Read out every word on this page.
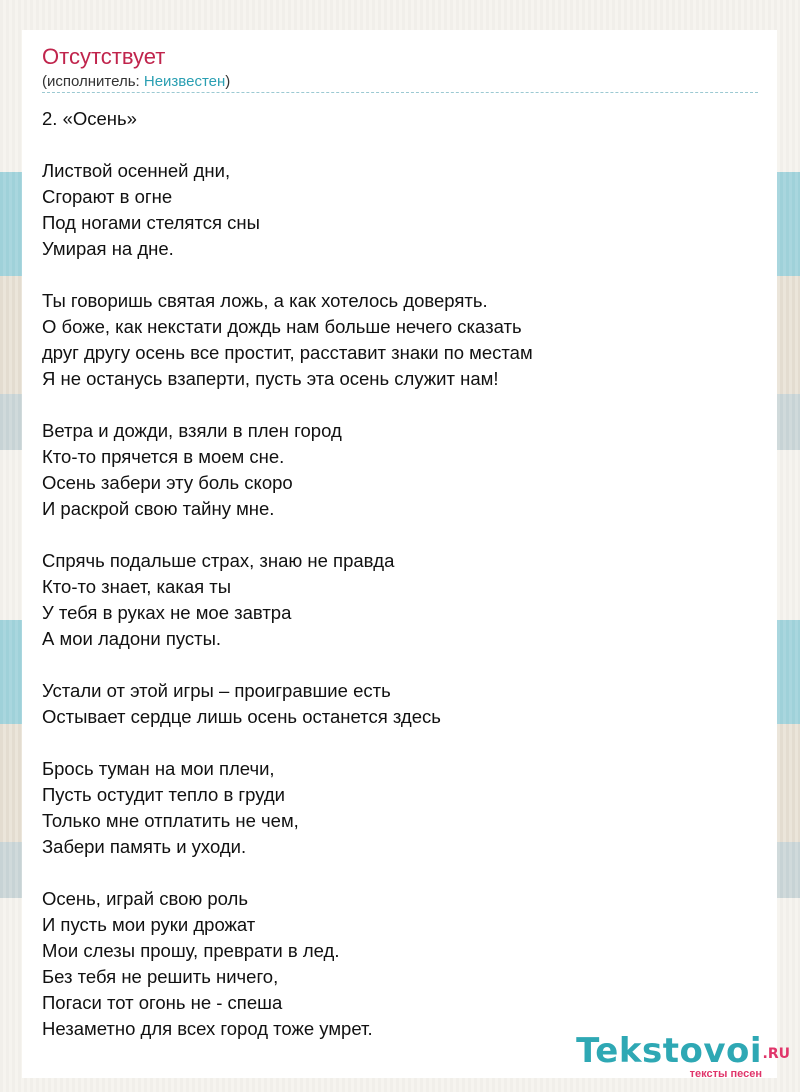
Отсутствует
(исполнитель: Неизвестен)
2. «Осень»
Листвой осенней дни,
Сгорают в огне
Под ногами стелятся сны
Умирая на дне.
Ты говоришь святая ложь, а как хотелось доверять.
О боже, как некстати дождь нам больше нечего сказать
друг другу осень все простит, расставит знаки по местам
Я не останусь взаперти, пусть эта осень служит нам!
Ветра и дожди, взяли в плен город
Кто-то прячется в моем сне.
Осень забери эту боль скоро
И раскрой свою тайну мне.
Спрячь подальше страх, знаю не правда
Кто-то знает, какая ты
У тебя в руках не мое завтра
А мои ладони пусты.
Устали от этой игры – проигравшие есть
Остывает сердце лишь осень останется здесь
Брось туман на мои плечи,
Пусть остудит тепло в груди
Только мне отплатить не чем,
Забери память и уходи.
Осень, играй свою роль
И пусть мои руки дрожат
Мои слезы прошу, преврати в лед.
Без тебя не решить ничего,
Погаси тот огонь не - спеша
Незаметно для всех город тоже умрет.
Tekstovoi .RU
тексты песен
